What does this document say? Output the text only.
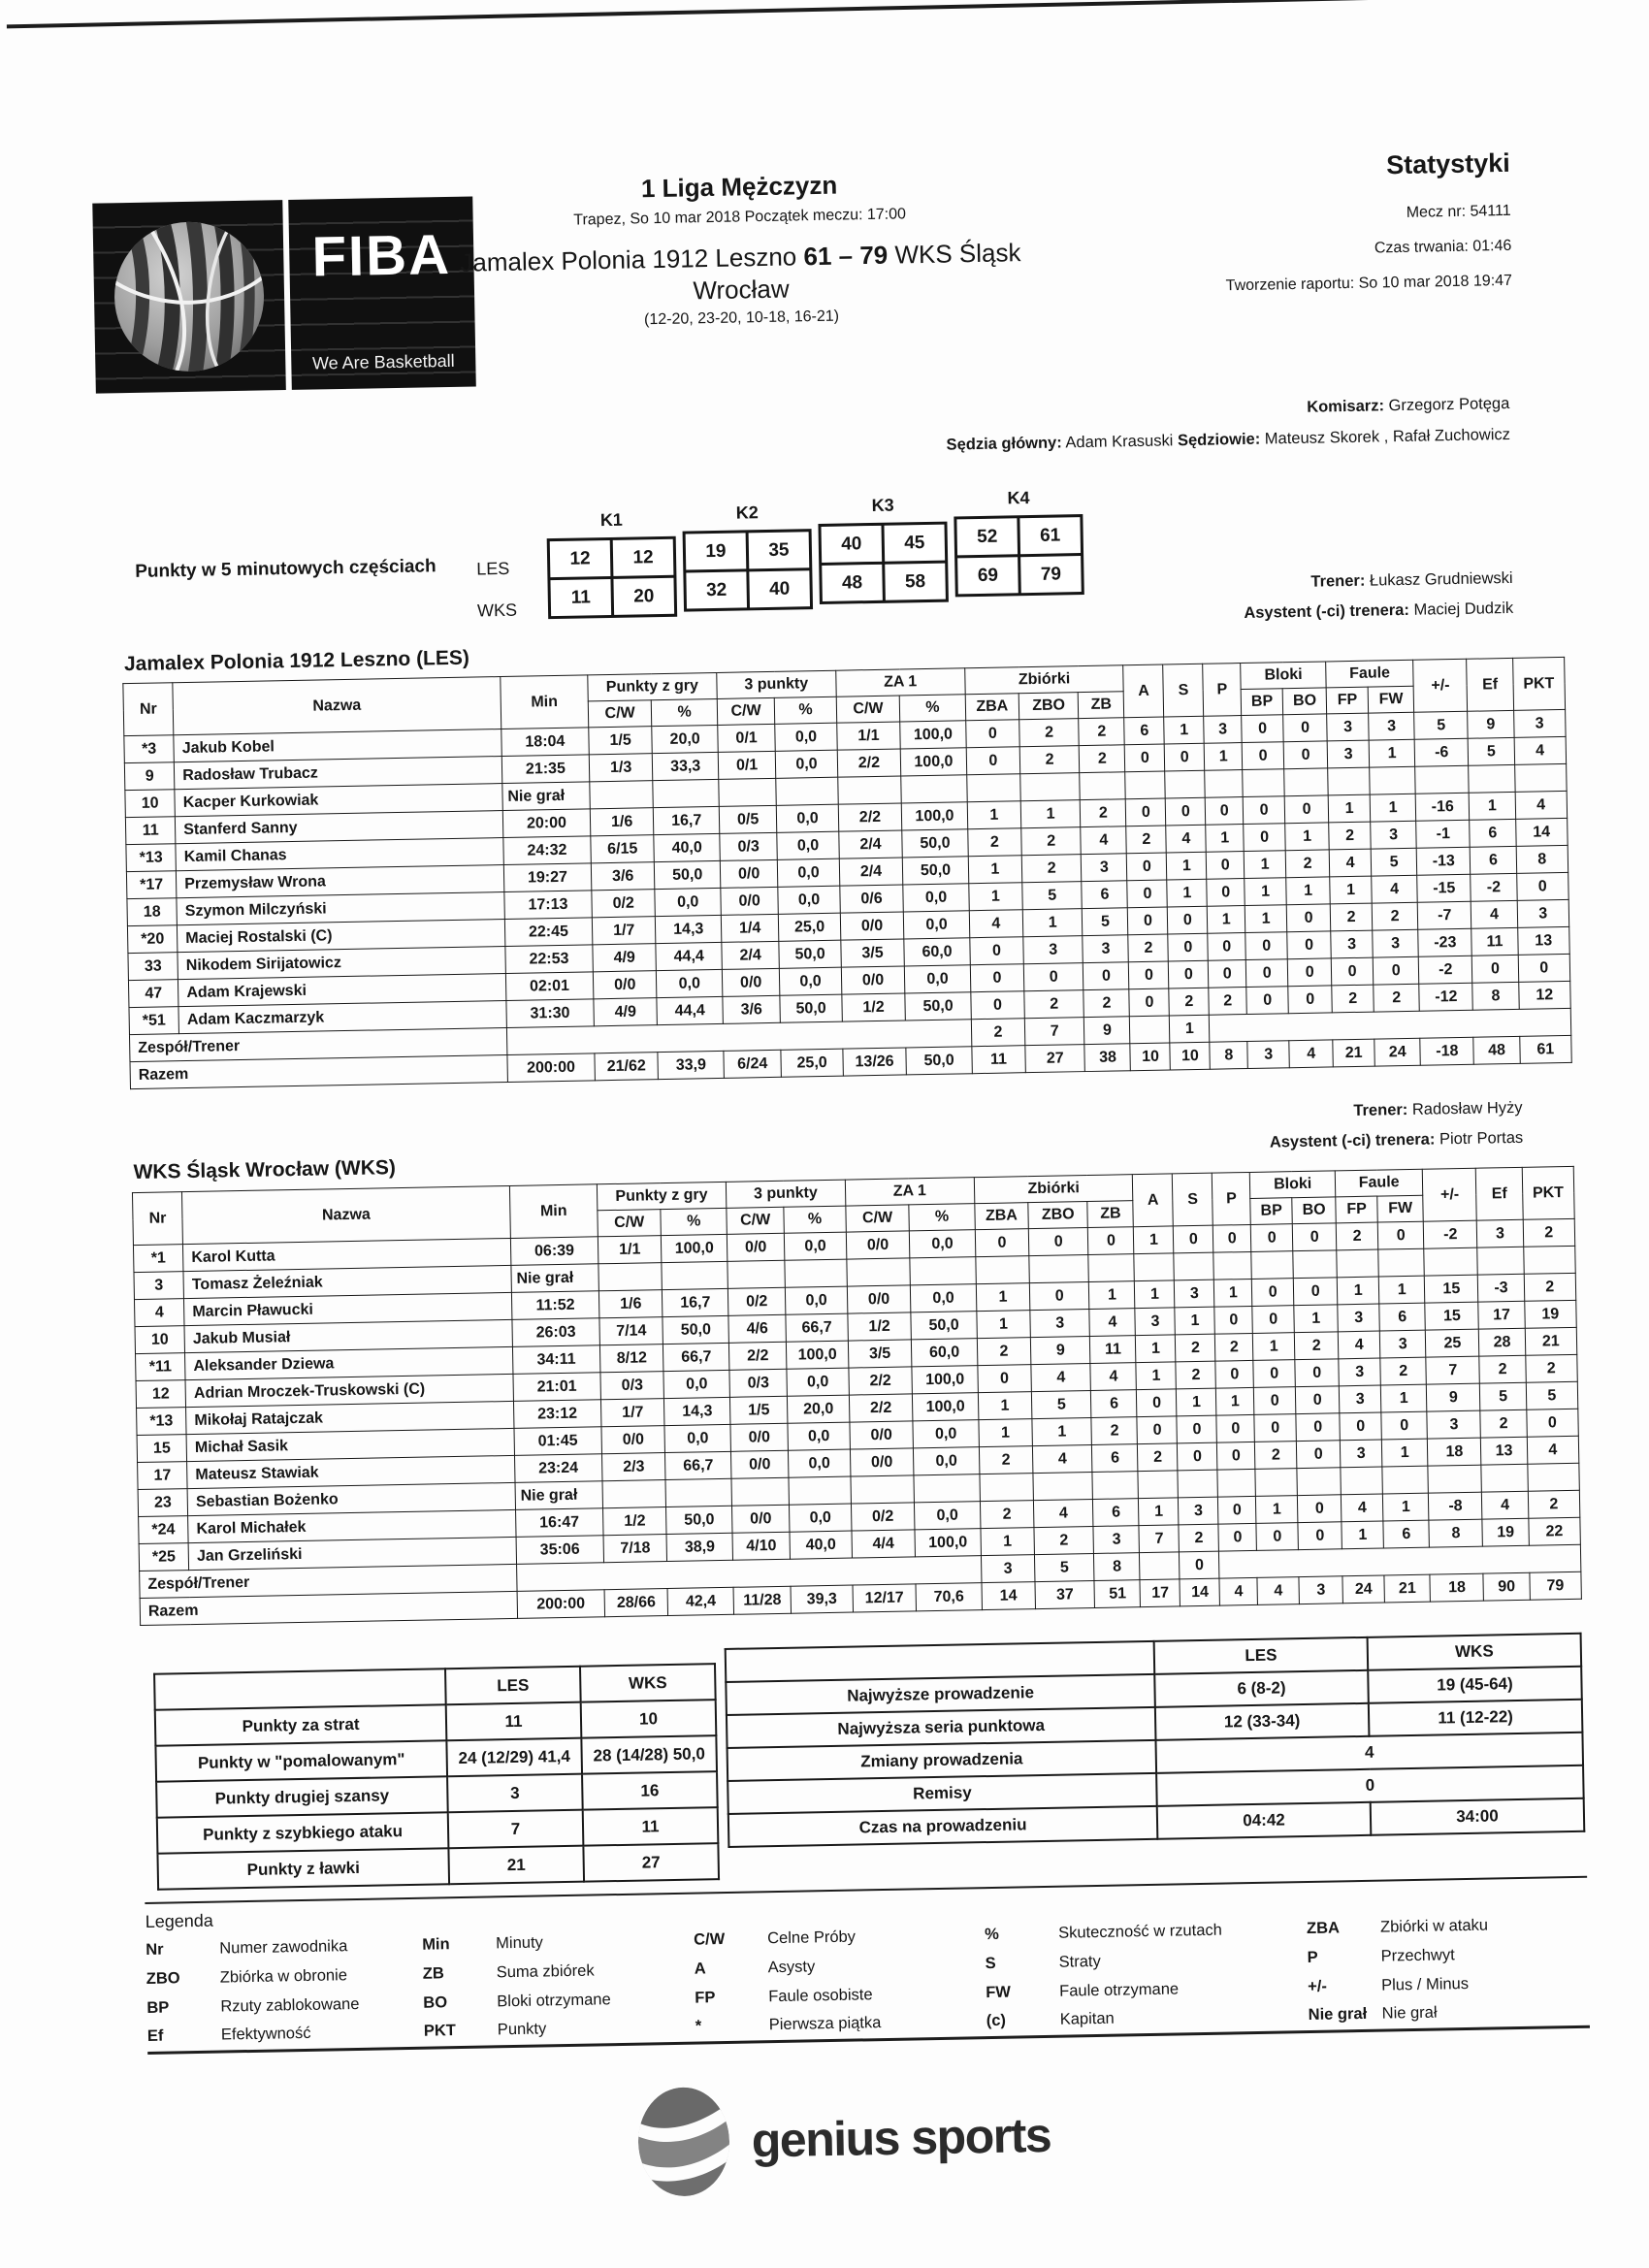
FIBA
We Are Basketball
1 Liga Mężczyzn
Trapez, So 10 mar 2018 Początek meczu: 17:00
Jamalex Polonia 1912 Leszno 61 – 79 WKS Śląsk Wrocław
(12-20, 23-20, 10-18, 16-21)
Statystyki
Mecz nr: 54111
Czas trwania: 01:46
Tworzenie raportu: So 10 mar 2018 19:47
Komisarz: Grzegorz Potęga
Sędzia główny: Adam Krasuski Sędziowie: Mateusz Skorek , Rafał Zuchowicz
Punkty w 5 minutowych częściach LES
WKS
K1
12	12
11	20
K2
19	35
32	40
K3
40	45
48	58
K4
52	61
69	79	Trener: Łukasz Grudniewski
Asystent (-ci) trenera: Maciej Dudzik
Jamalex Polonia 1912 Leszno (LES)
Nr	Nazwa	Min	Punkty z gry		3 punkty		ZA 1		Zbiórki			A	S	P	Bloki		Faule		+/-	Ef	PKT
			C/W	%	C/W	%	C/W	%	ZBA	ZBO	ZB				BP	BO	FP	FW			
*3	Jakub Kobel	18:04	1/5	20,0	0/1	0,0	1/1	100,0	0	2	2	6	1	3	0	0	3	3	5	9	3
9	Radosław Trubacz	21:35	1/3	33,3	0/1	0,0	2/2	100,0	0	2	2	0	0	1	0	0	3	1	-6	5	4
10	Kacper Kurkowiak	Nie grał																			
11	Stanferd Sanny	20:00	1/6	16,7	0/5	0,0	2/2	100,0	1	1	2	0	0	0	0	0	1	1	-16	1	4
*13	Kamil Chanas	24:32	6/15	40,0	0/3	0,0	2/4	50,0	2	2	4	2	4	1	0	1	2	3	-1	6	14
*17	Przemysław Wrona	19:27	3/6	50,0	0/0	0,0	2/4	50,0	1	2	3	0	1	0	1	2	4	5	-13	6	8
18	Szymon Milczyński	17:13	0/2	0,0	0/0	0,0	0/6	0,0	1	5	6	0	1	0	1	1	1	4	-15	-2	0
*20	Maciej Rostalski (C)	22:45	1/7	14,3	1/4	25,0	0/0	0,0	4	1	5	0	0	1	1	0	2	2	-7	4	3
33	Nikodem Sirijatowicz	22:53	4/9	44,4	2/4	50,0	3/5	60,0	0	3	3	2	0	0	0	0	3	3	-23	11	13
47	Adam Krajewski	02:01	0/0	0,0	0/0	0,0	0/0	0,0	0	0	0	0	0	0	0	0	0	0	-2	0	0
*51	Adam Kaczmarzyk	31:30	4/9	44,4	3/6	50,0	1/2	50,0	0	2	2	0	2	2	0	0	2	2	-12	8	12
Zespół/Trener									2	7	9		1								
Razem		200:00	21/62	33,9	6/24	25,0	13/26	50,0	11	27	38	10	10	8	3	4	21	24	-18	48	61
Trener: Radosław Hyży
Asystent (-ci) trenera: Piotr Portas
WKS Śląsk Wrocław (WKS)
Nr	Nazwa	Min	Punkty z gry		3 punkty		ZA 1		Zbiórki			A	S	P	Bloki		Faule		+/-	Ef	PKT
			C/W	%	C/W	%	C/W	%	ZBA	ZBO	ZB				BP	BO	FP	FW			
*1	Karol Kutta	06:39	1/1	100,0	0/0	0,0	0/0	0,0	0	0	0	1	0	0	0	0	2	0	-2	3	2
3	Tomasz Żeleźniak	Nie grał																			
4	Marcin Pławucki	11:52	1/6	16,7	0/2	0,0	0/0	0,0	1	0	1	1	3	1	0	0	1	1	15	-3	2
10	Jakub Musiał	26:03	7/14	50,0	4/6	66,7	1/2	50,0	1	3	4	3	1	0	0	1	3	6	15	17	19
*11	Aleksander Dziewa	34:11	8/12	66,7	2/2	100,0	3/5	60,0	2	9	11	1	2	2	1	2	4	3	25	28	21
12	Adrian Mroczek-Truskowski (C)	21:01	0/3	0,0	0/3	0,0	2/2	100,0	0	4	4	1	2	0	0	0	3	2	7	2	2
*13	Mikołaj Ratajczak	23:12	1/7	14,3	1/5	20,0	2/2	100,0	1	5	6	0	1	1	0	0	3	1	9	5	5
15	Michał Sasik	01:45	0/0	0,0	0/0	0,0	0/0	0,0	1	1	2	0	0	0	0	0	0	0	3	2	0
17	Mateusz Stawiak	23:24	2/3	66,7	0/0	0,0	0/0	0,0	2	4	6	2	0	0	2	0	3	1	18	13	4
23	Sebastian Bożenko	Nie grał																			
*24	Karol Michałek	16:47	1/2	50,0	0/0	0,0	0/2	0,0	2	4	6	1	3	0	1	0	4	1	-8	4	2
*25	Jan Grzeliński	35:06	7/18	38,9	4/10	40,0	4/4	100,0	1	2	3	7	2	0	0	0	1	6	8	19	22
Zespół/Trener									3	5	8		0								
Razem		200:00	28/66	42,4	11/28	39,3	12/17	70,6	14	37	51	17	14	4	4	3	24	21	18	90	79
	LES	WKS
Punkty za strat	11	10
Punkty w "pomalowanym"	24 (12/29) 41,4	28 (14/28) 50,0
Punkty drugiej szansy	3	16
Punkty z szybkiego ataku	7	11
Punkty z ławki	21	27
	LES	WKS
Najwyższe prowadzenie	6 (8-2)	19 (45-64)
Najwyższa seria punktowa	12 (33-34)	11 (12-22)
Zmiany prowadzenia	4	
Remisy	0	
Czas na prowadzeniu	04:42	34:00
Legenda
Nr	Numer zawodnika
ZBO	Zbiórka w obronie
BP	Rzuty zablokowane
Ef	Efektywność
Min	Minuty
ZB	Suma zbiórek
BO	Bloki otrzymane
PKT	Punkty
C/W	Celne Próby
A	Asysty
FP	Faule osobiste
*	Pierwsza piątka
%	Skuteczność w rzutach
S	Straty
FW	Faule otrzymane
(c)	Kapitan
ZBA	Zbiórki w ataku
P	Przechwyt
+/-	Plus / Minus
Nie grał Nie grał
genius sports
